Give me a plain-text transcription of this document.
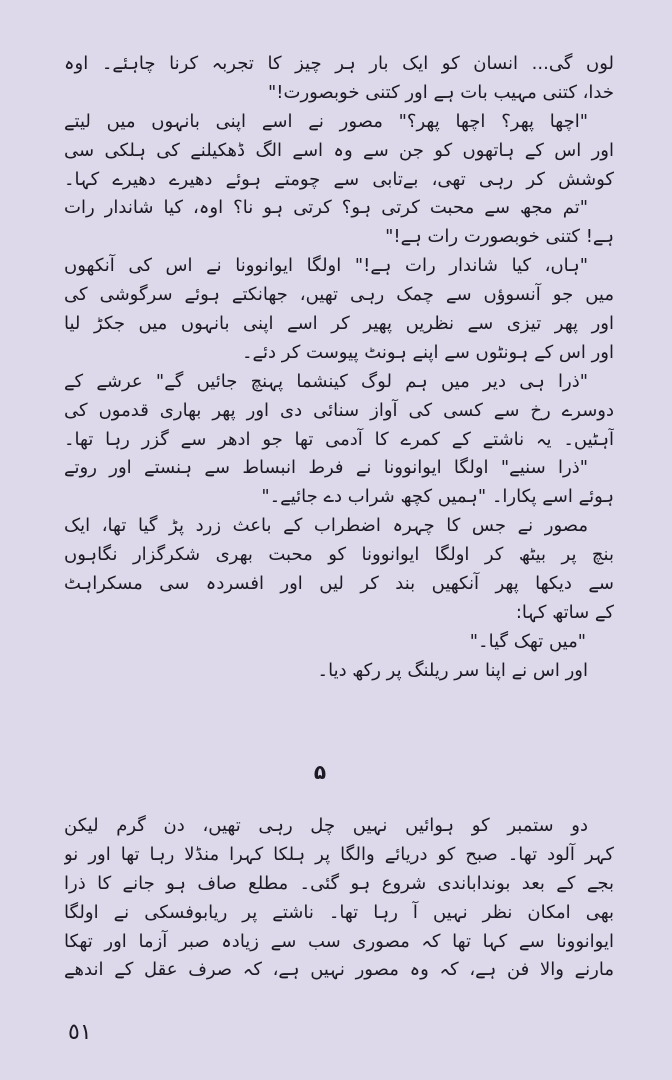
لوں گی... انسان کو ایک بار ہر چیز کا تجربہ کرنا چاہئے۔ اوہ
خدا، کتنی مہیب بات ہے اور کتنی خوبصورت!"
"اچھا پھر؟ اچھا پھر؟" مصور نے اسے اپنی بانہوں میں لیتے
اور اس کے ہاتھوں کو جن سے وہ اسے الگ ڈھکیلنے کی ہلکی سی
کوشش کر رہی تھی، بےتابی سے چومتے ہوئے دھیرے دھیرے کہا۔
"تم مجھ سے محبت کرتی ہو؟ کرتی ہو نا؟ اوہ، کیا شاندار رات
ہے! کتنی خوبصورت رات ہے!"
"ہاں، کیا شاندار رات ہے!" اولگا ایوانوونا نے اس کی آنکھوں
میں جو آنسوؤں سے چمک رہی تھیں، جھانکتے ہوئے سرگوشی کی
اور پھر تیزی سے نظریں پھیر کر اسے اپنی بانہوں میں جکڑ لیا
اور اس کے ہونٹوں سے اپنے ہونٹ پیوست کر دئے۔
"ذرا ہی دیر میں ہم لوگ کینشما پہنچ جائیں گے" عرشے کے
دوسرے رخ سے کسی کی آواز سنائی دی اور پھر بھاری قدموں کی
آہٹیں۔ یہ ناشتے کے کمرے کا آدمی تھا جو ادھر سے گزر رہا تھا۔
"ذرا سنیے" اولگا ایوانوونا نے فرط انبساط سے ہنستے اور روتے
ہوئے اسے پکارا۔ "ہمیں کچھ شراب دے جائیے۔"
مصور نے جس کا چہرہ اضطراب کے باعث زرد پڑ گیا تھا، ایک
بنچ پر بیٹھ کر اولگا ایوانوونا کو محبت بھری شکرگزار نگاہوں
سے دیکھا پھر آنکھیں بند کر لیں اور افسردہ سی مسکراہٹ
کے ساتھ کہا:
"میں تھک گیا۔"
اور اس نے اپنا سر ریلنگ پر رکھ دیا۔
۵
دو ستمبر کو ہوائیں نہیں چل رہی تھیں، دن گرم لیکن
کہر آلود تھا۔ صبح کو دریائے والگا پر ہلکا کہرا منڈلا رہا تھا اور نو
بجے کے بعد بونداباندی شروع ہو گئی۔ مطلع صاف ہو جانے کا ذرا
بھی امکان نظر نہیں آ رہا تھا۔ ناشتے پر ریابوفسکی نے اولگا
ایوانوونا سے کہا تھا کہ مصوری سب سے زیادہ صبر آزما اور تھکا
مارنے والا فن ہے، کہ وہ مصور نہیں ہے، کہ صرف عقل کے اندھے
٥١
